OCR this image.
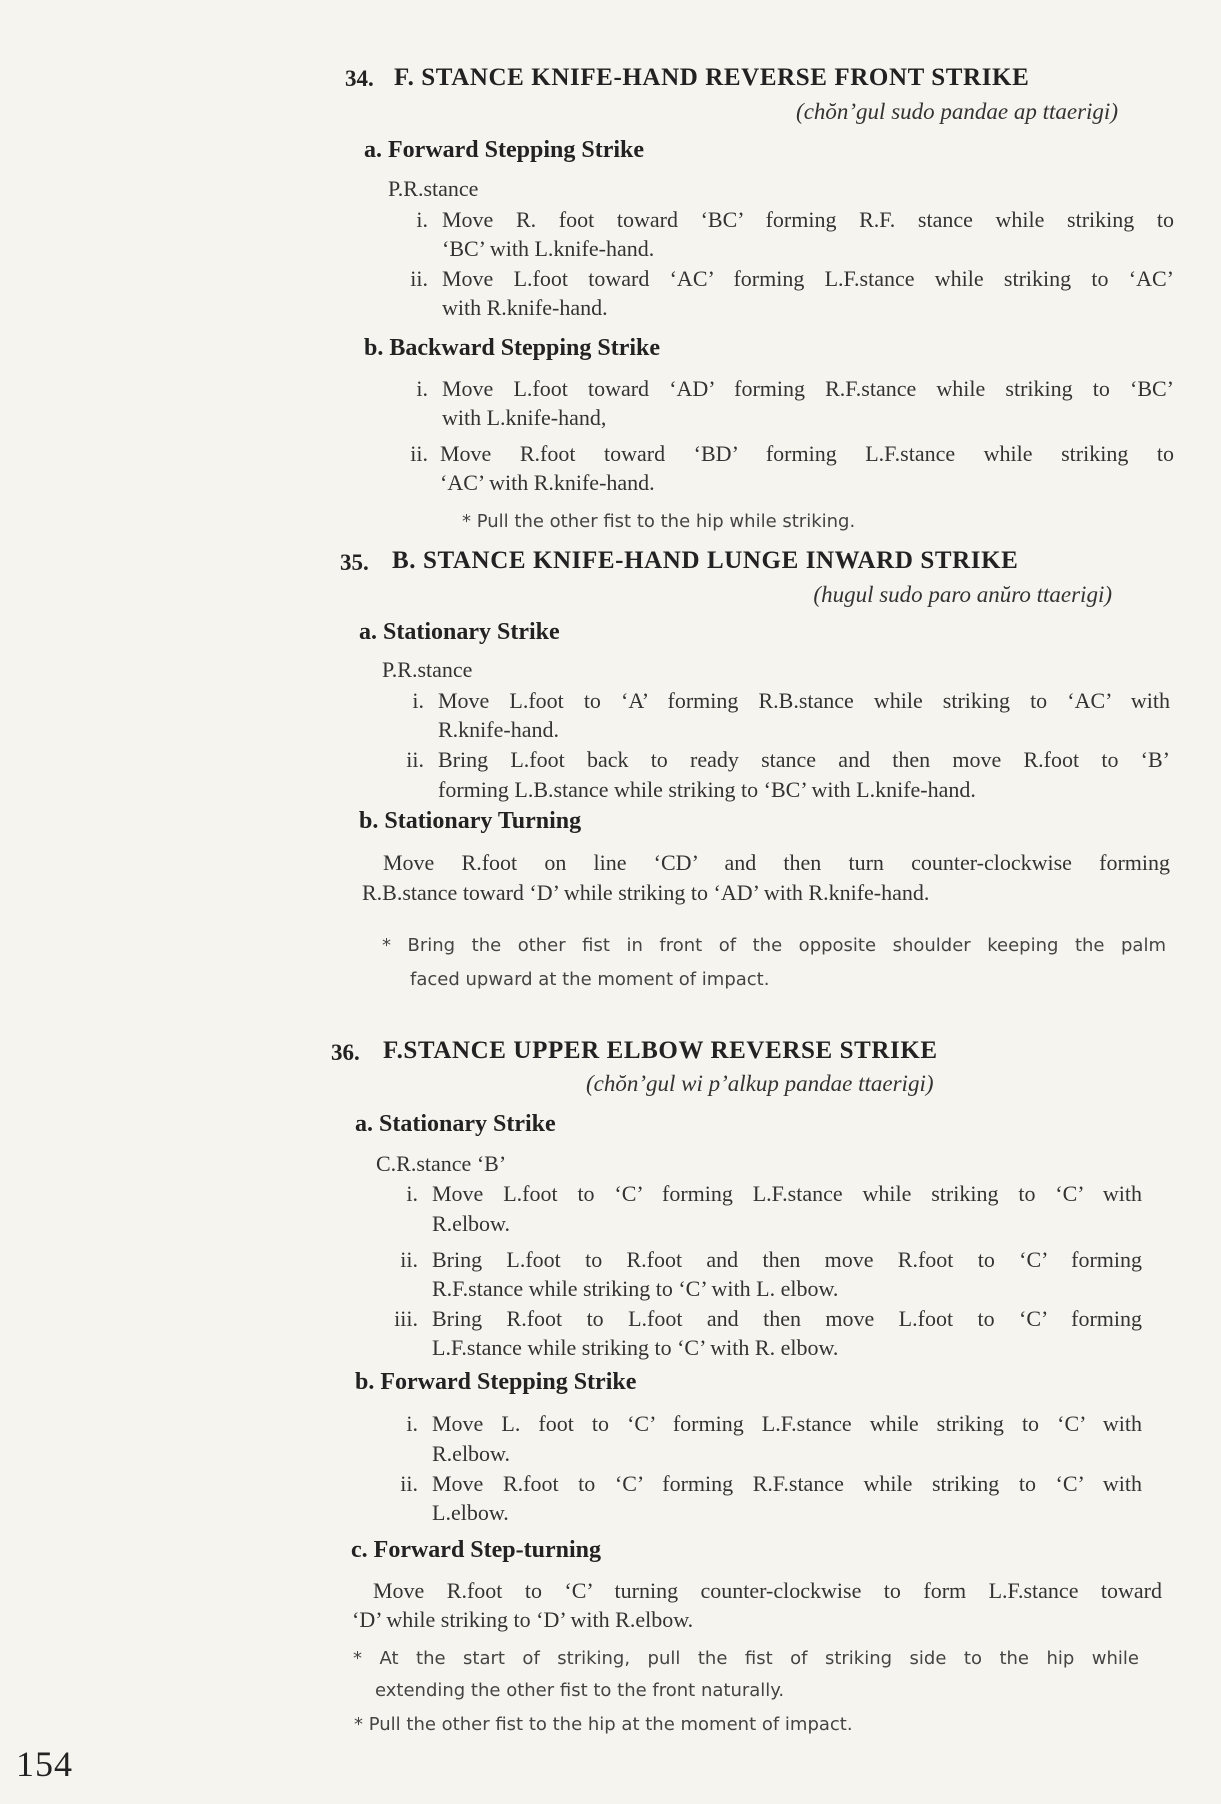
34. F. STANCE KNIFE-HAND REVERSE FRONT STRIKE
(chŏn’gul sudo pandae ap ttaerigi)
a. Forward Stepping Strike
P.R.stance
i. Move R. foot toward ‘BC’ forming R.F. stance while striking to
‘BC’ with L.knife-hand.
ii. Move L.foot toward ‘AC’ forming L.F.stance while striking to ‘AC’
with R.knife-hand.
b. Backward Stepping Strike
i. Move L.foot toward ‘AD’ forming R.F.stance while striking to ‘BC’
with L.knife-hand,
ii. Move R.foot toward ‘BD’ forming L.F.stance while striking to
‘AC’ with R.knife-hand.
* Pull the other fist to the hip while striking.
35. B. STANCE KNIFE-HAND LUNGE INWARD STRIKE
(hugul sudo paro anŭro ttaerigi)
a. Stationary Strike
P.R.stance
i. Move L.foot to ‘A’ forming R.B.stance while striking to ‘AC’ with
R.knife-hand.
ii. Bring L.foot back to ready stance and then move R.foot to ‘B’
forming L.B.stance while striking to ‘BC’ with L.knife-hand.
b. Stationary Turning
Move R.foot on line ‘CD’ and then turn counter-clockwise forming
R.B.stance toward ‘D’ while striking to ‘AD’ with R.knife-hand.
* Bring the other fist in front of the opposite shoulder keeping the palm
faced upward at the moment of impact.
36. F.STANCE UPPER ELBOW REVERSE STRIKE
(chŏn’gul wi p’alkup pandae ttaerigi)
a. Stationary Strike
C.R.stance ‘B’
i. Move L.foot to ‘C’ forming L.F.stance while striking to ‘C’ with
R.elbow.
ii. Bring L.foot to R.foot and then move R.foot to ‘C’ forming
R.F.stance while striking to ‘C’ with L. elbow.
iii. Bring R.foot to L.foot and then move L.foot to ‘C’ forming
L.F.stance while striking to ‘C’ with R. elbow.
b. Forward Stepping Strike
i. Move L. foot to ‘C’ forming L.F.stance while striking to ‘C’ with
R.elbow.
ii. Move R.foot to ‘C’ forming R.F.stance while striking to ‘C’ with
L.elbow.
c. Forward Step-turning
Move R.foot to ‘C’ turning counter-clockwise to form L.F.stance toward
‘D’ while striking to ‘D’ with R.elbow.
* At the start of striking, pull the fist of striking side to the hip while
extending the other fist to the front naturally.
* Pull the other fist to the hip at the moment of impact.
154
